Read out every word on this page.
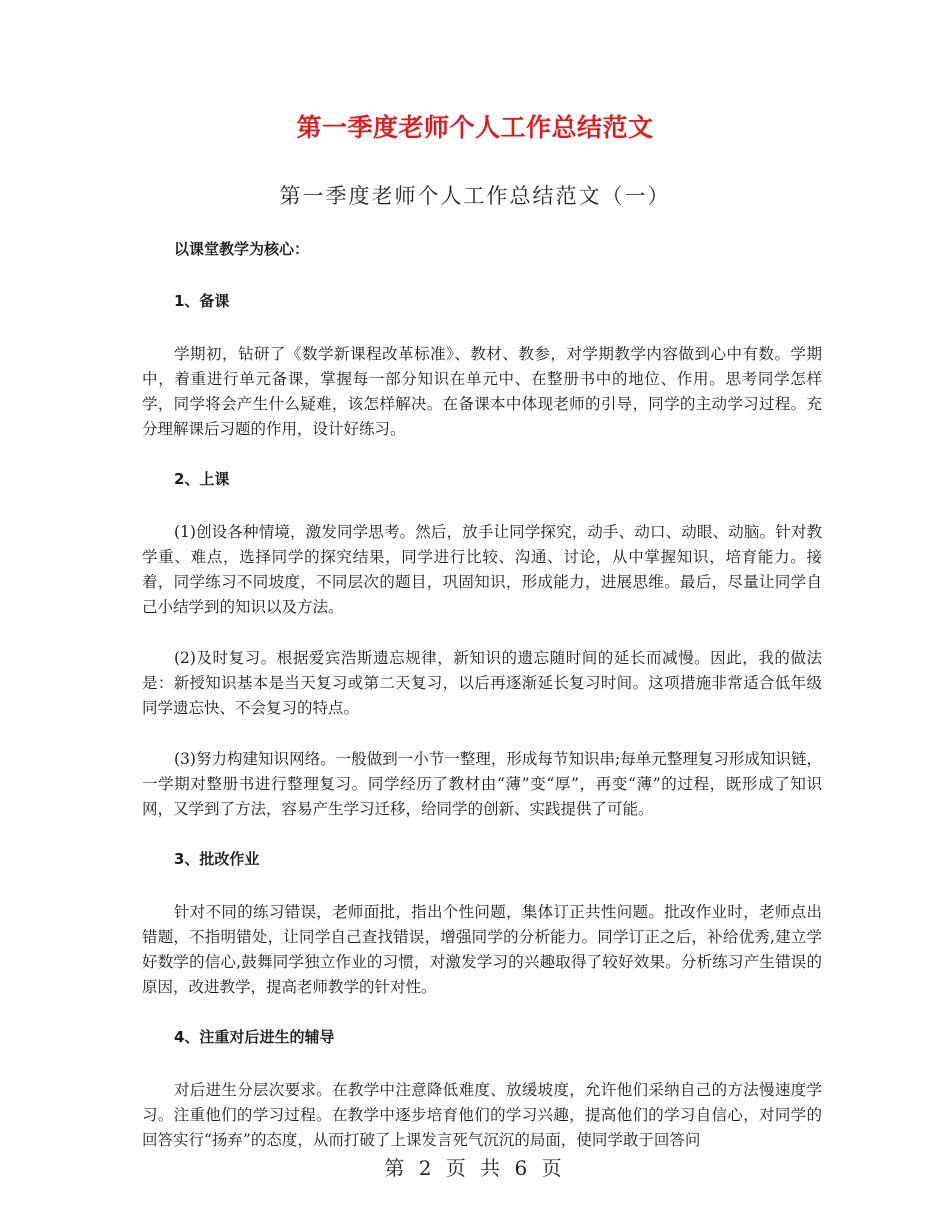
第一季度老师个人工作总结范文
第一季度老师个人工作总结范文（一）
以课堂教学为核心：
1、备课

学期初，钻研了《数学新课程改革标准》、教材、教参，对学期教学内容做到心中有数。学期中，着重进行单元备课，掌握每一部分知识在单元中、在整册书中的地位、作用。思考同学怎样学，同学将会产生什么疑难，该怎样解决。在备课本中体现老师的引导，同学的主动学习过程。充分理解课后习题的作用，设计好练习。

2、上课

(1)创设各种情境，激发同学思考。然后，放手让同学探究，动手、动口、动眼、动脑。针对教学重、难点，选择同学的探究结果，同学进行比较、沟通、讨论，从中掌握知识，培育能力。接着，同学练习不同坡度，不同层次的题目，巩固知识，形成能力，进展思维。最后，尽量让同学自己小结学到的知识以及方法。

(2)及时复习。根据爱宾浩斯遗忘规律，新知识的遗忘随时间的延长而减慢。因此，我的做法是：新授知识基本是当天复习或第二天复习，以后再逐渐延长复习时间。这项措施非常适合低年级同学遗忘快、不会复习的特点。

(3)努力构建知识网络。一般做到一小节一整理，形成每节知识串;每单元整理复习形成知识链，一学期对整册书进行整理复习。同学经历了教材由“薄”变“厚”，再变“薄”的过程，既形成了知识网，又学到了方法，容易产生学习迁移，给同学的创新、实践提供了可能。

3、批改作业

针对不同的练习错误，老师面批，指出个性问题，集体订正共性问题。批改作业时，老师点出错题，不指明错处，让同学自己查找错误，增强同学的分析能力。同学订正之后，补给优秀,建立学好数学的信心,鼓舞同学独立作业的习惯，对激发学习的兴趣取得了较好效果。分析练习产生错误的原因，改进教学，提高老师教学的针对性。

4、注重对后进生的辅导

对后进生分层次要求。在教学中注意降低难度、放缓坡度，允许他们采纳自己的方法慢速度学习。注重他们的学习过程。在教学中逐步培育他们的学习兴趣，提高他们的学习自信心，对同学的回答实行“扬弃”的态度，从而打破了上课发言死气沉沉的局面，使同学敢于回答问

第 2 页 共 6 页
